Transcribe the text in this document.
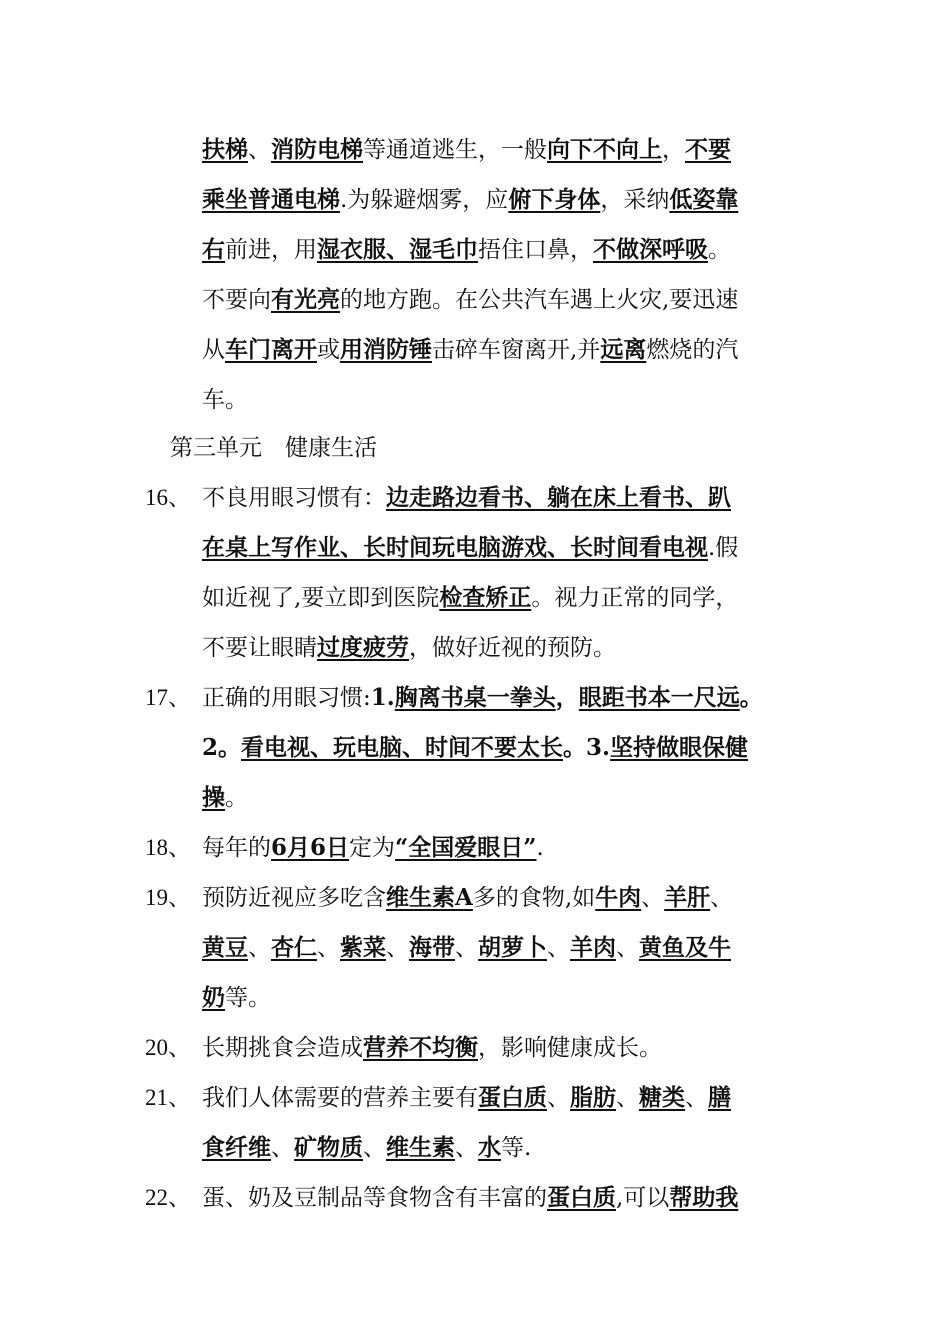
扶梯、消防电梯等通道逃生，一般向下不向上，不要
乘坐普通电梯.为躲避烟雾，应俯下身体，采纳低姿靠
右前进，用湿衣服、湿毛巾捂住口鼻，不做深呼吸。
不要向有光亮的地方跑。在公共汽车遇上火灾,要迅速
从车门离开或用消防锤击碎车窗离开,并远离燃烧的汽
车。
第三单元　健康生活
16、 不良用眼习惯有：边走路边看书、躺在床上看书、趴
在桌上写作业、长时间玩电脑游戏、长时间看电视.假
如近视了,要立即到医院检查矫正。视力正常的同学，
不要让眼睛过度疲劳，做好近视的预防。
17、 正确的用眼习惯:1.胸离书桌一拳头，眼距书本一尺远。
2。看电视、玩电脑、时间不要太长。3.坚持做眼保健
操。
18、 每年的6月6日定为“全国爱眼日”.
19、 预防近视应多吃含维生素A多的食物,如牛肉、羊肝、
黄豆、杏仁、紫菜、海带、胡萝卜、羊肉、黄鱼及牛
奶等。
20、 长期挑食会造成营养不均衡，影响健康成长。
21、 我们人体需要的营养主要有蛋白质、脂肪、糖类、膳
食纤维、矿物质、维生素、水等.
22、 蛋、奶及豆制品等食物含有丰富的蛋白质,可以帮助我
